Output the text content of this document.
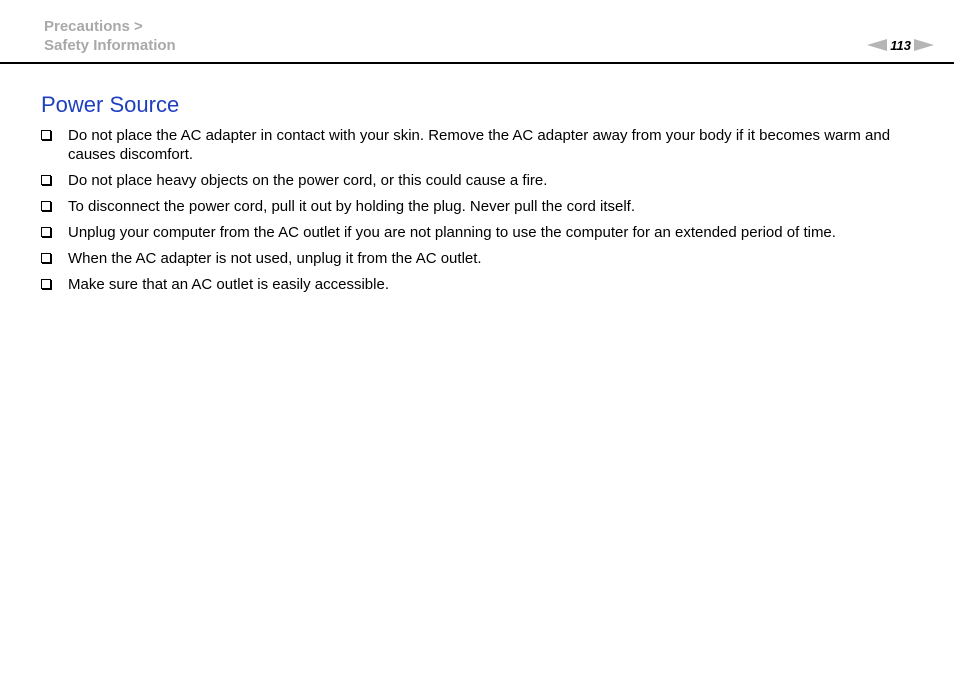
Precautions >
Safety Information	113
Power Source
Do not place the AC adapter in contact with your skin. Remove the AC adapter away from your body if it becomes warm and causes discomfort.
Do not place heavy objects on the power cord, or this could cause a fire.
To disconnect the power cord, pull it out by holding the plug. Never pull the cord itself.
Unplug your computer from the AC outlet if you are not planning to use the computer for an extended period of time.
When the AC adapter is not used, unplug it from the AC outlet.
Make sure that an AC outlet is easily accessible.
